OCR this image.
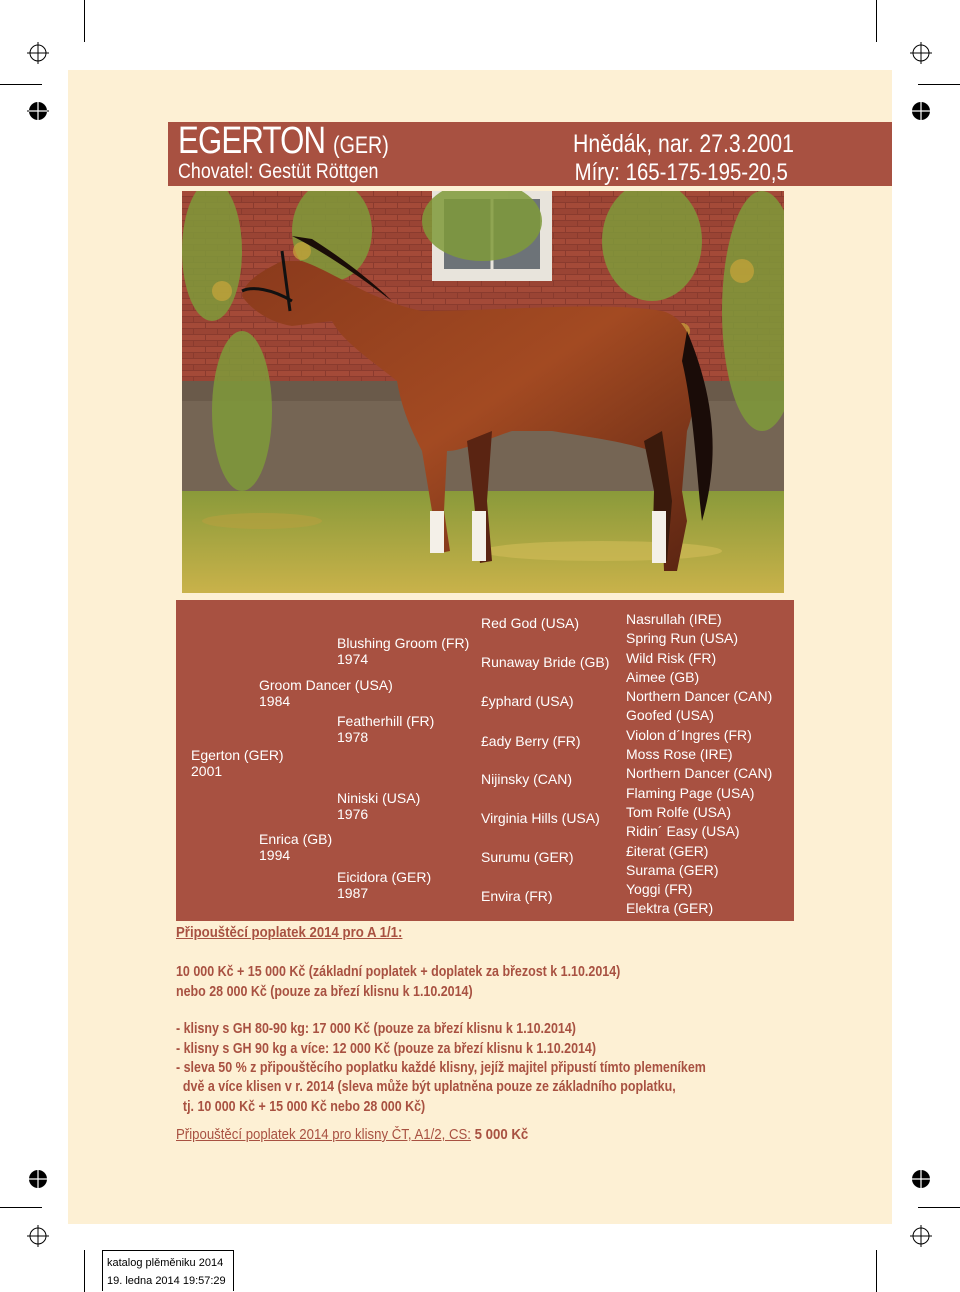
EGERTON (GER)
Chovatel: Gestüt Röttgen
Hnědák, nar. 27.3.2001
Míry: 165-175-195-20,5
Egerton (GER)
2001
Groom Dancer (USA)
1984
Enrica (GB)
1994
Blushing Groom (FR)
1974
Featherhill (FR)
1978
Niniski (USA)
1976
Eicidora (GER)
1987
Red God (USA)
Runaway Bride (GB)
£yphard (USA)
£ady Berry (FR)
Nijinsky (CAN)
Virginia Hills (USA)
Surumu (GER)
Envira (FR)
Nasrullah (IRE)
Spring Run (USA)
Wild Risk (FR)
Aimee (GB)
Northern Dancer (CAN)
Goofed (USA)
Violon d´Ingres (FR)
Moss Rose (IRE)
Northern Dancer (CAN)
Flaming Page (USA)
Tom Rolfe (USA)
Ridin´ Easy (USA)
£iterat (GER)
Surama (GER)
Yoggi (FR)
Elektra (GER)
Připouštěcí poplatek 2014 pro A 1/1:
10 000 Kč + 15 000 Kč (základní poplatek + doplatek za březost k 1.10.2014)
nebo 28 000 Kč (pouze za březí klisnu k 1.10.2014)
- klisny s GH 80-90 kg: 17 000 Kč (pouze za březí klisnu k 1.10.2014)
- klisny s GH 90 kg a více: 12 000 Kč (pouze za březí klisnu k 1.10.2014)
- sleva 50 % z připouštěcího poplatku každé klisny, jejíž majitel připustí tímto plemeníkem
dvě a více klisen v r. 2014 (sleva může být uplatněna pouze ze základního poplatku,
tj. 10 000 Kč + 15 000 Kč nebo 28 000 Kč)
Připouštěcí poplatek 2014 pro klisny ČT, A1/2, CS: 5 000 Kč
katalog plěměniku 2014
19. ledna 2014 19:57:29
